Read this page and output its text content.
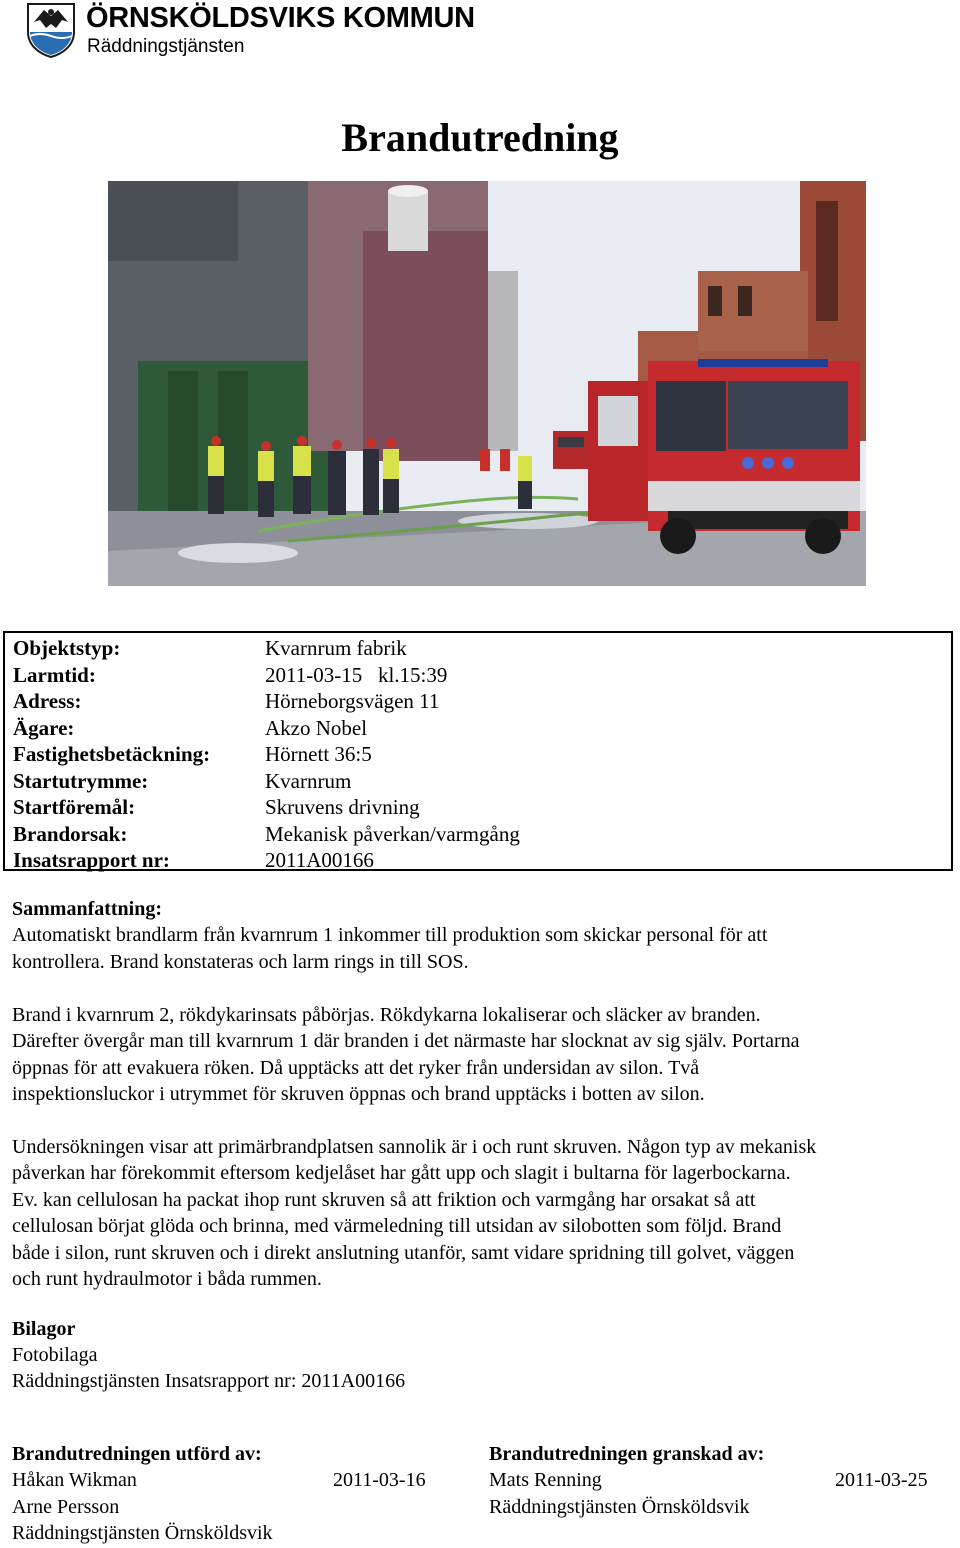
ÖRNSKÖLDSVIKS KOMMUN
Räddningstjänsten
Brandutredning
Objektstyp:	Kvarnrum fabrik
Larmtid:	2011-03-15   kl.15:39
Adress:	Hörneborgsvägen 11
Ägare:	Akzo Nobel
Fastighetsbetäckning:	Hörnett 36:5
Startutrymme:	Kvarnrum
Startföremål:	Skruvens drivning
Brandorsak:	Mekanisk påverkan/varmgång
Insatsrapport nr:	2011A00166
Sammanfattning:
Automatiskt brandlarm från kvarnrum 1 inkommer till produktion som skickar personal för att
kontrollera. Brand konstateras och larm rings in till SOS.
Brand i kvarnrum 2, rökdykarinsats påbörjas. Rökdykarna lokaliserar och släcker av branden.
Därefter övergår man till kvarnrum 1 där branden i det närmaste har slocknat av sig själv. Portarna
öppnas för att evakuera röken. Då upptäcks att det ryker från undersidan av silon. Två
inspektionsluckor i utrymmet för skruven öppnas och brand upptäcks i botten av silon.
Undersökningen visar att primärbrandplatsen sannolik är i och runt skruven. Någon typ av mekanisk
påverkan har förekommit eftersom kedjelåset har gått upp och slagit i bultarna för lagerbockarna.
Ev. kan cellulosan ha packat ihop runt skruven så att friktion och varmgång har orsakat så att
cellulosan börjat glöda och brinna, med värmeledning till utsidan av silobotten som följd. Brand
både i silon, runt skruven och i direkt anslutning utanför, samt vidare spridning till golvet, väggen
och runt hydraulmotor i båda rummen.
Bilagor
Fotobilaga
Räddningstjänsten Insatsrapport nr: 2011A00166
Brandutredningen utförd av:
Håkan Wikman	2011-03-16
Arne Persson
Räddningstjänsten Örnsköldsvik
Brandutredningen granskad av:
Mats Renning	2011-03-25
Räddningstjänsten Örnsköldsvik
